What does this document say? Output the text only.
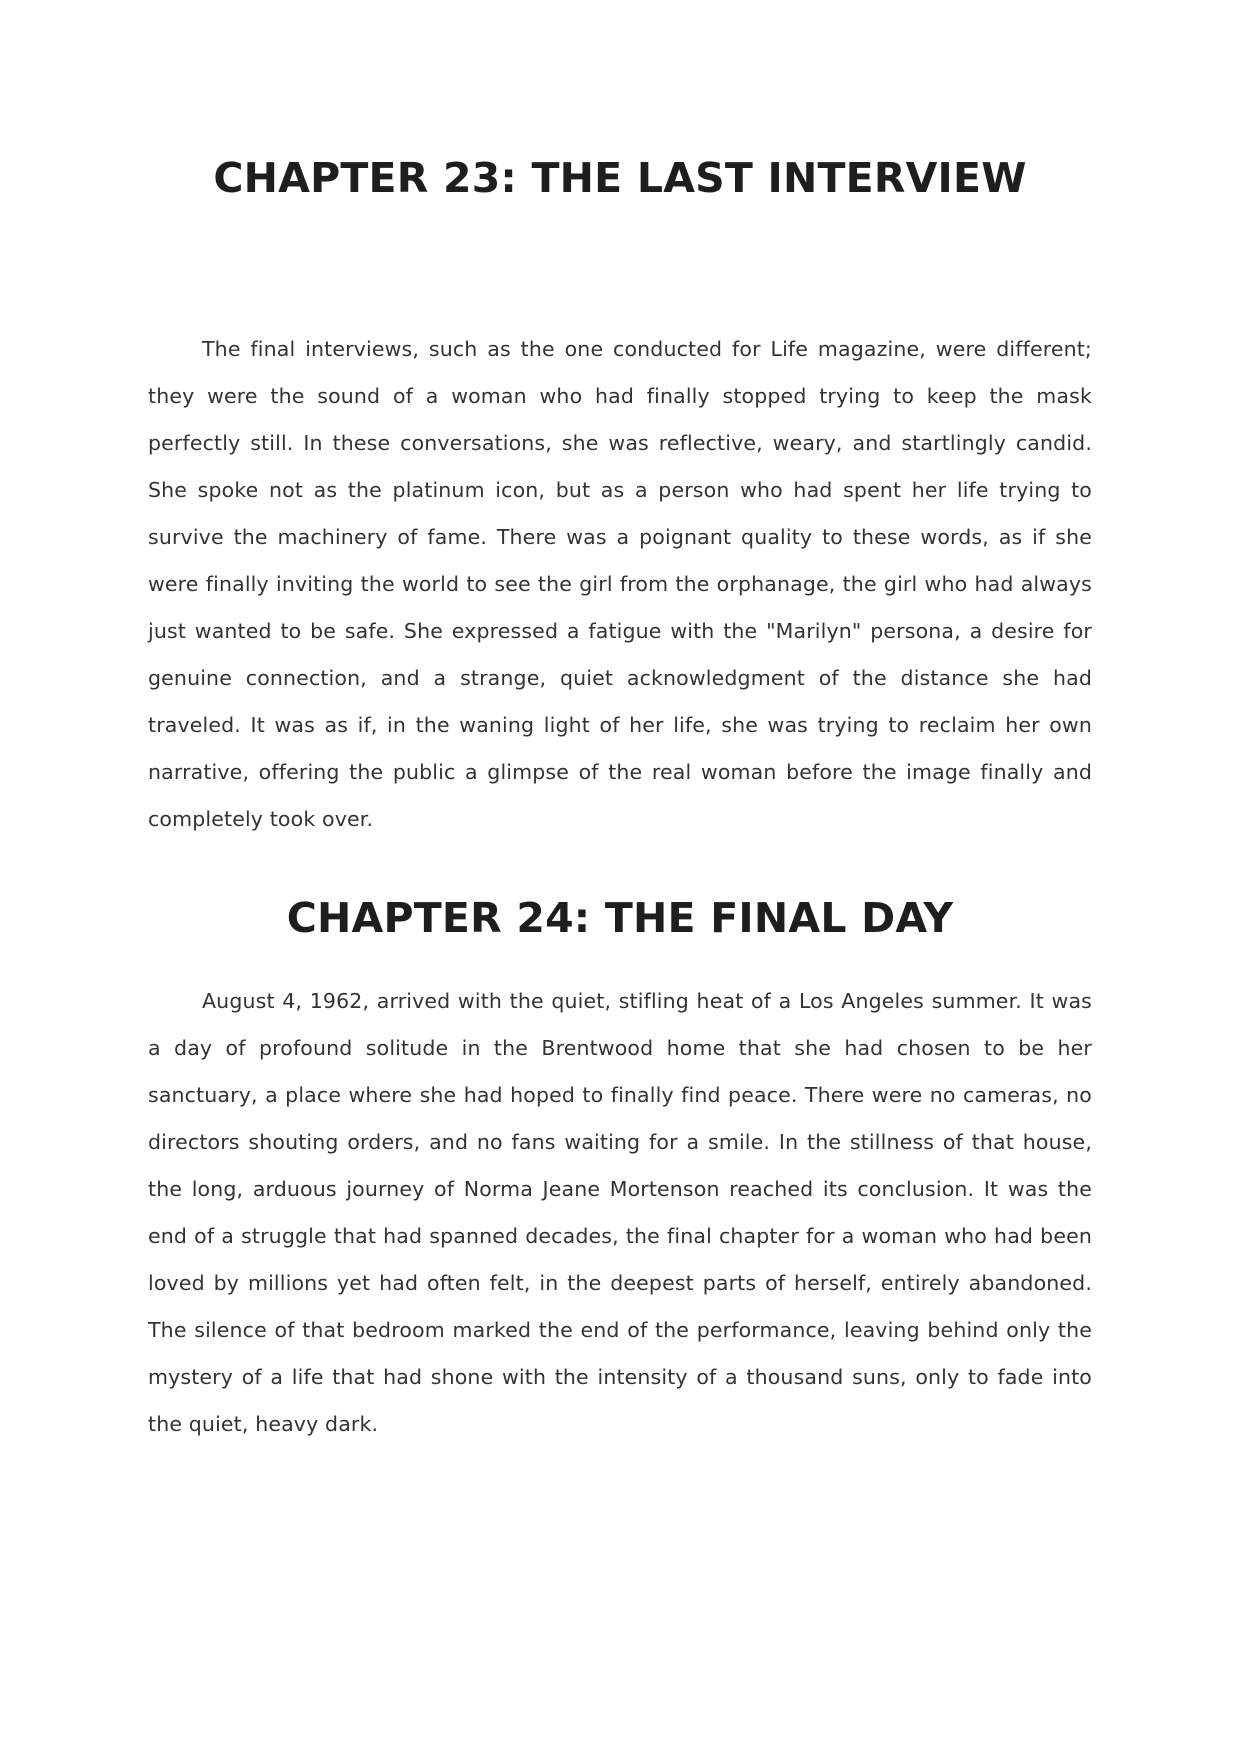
CHAPTER 23: THE LAST INTERVIEW

The final interviews, such as the one conducted for Life magazine, were different; they were the sound of a woman who had finally stopped trying to keep the mask perfectly still. In these conversations, she was reflective, weary, and startlingly candid. She spoke not as the platinum icon, but as a person who had spent her life trying to survive the machinery of fame. There was a poignant quality to these words, as if she were finally inviting the world to see the girl from the orphanage, the girl who had always just wanted to be safe. She expressed a fatigue with the "Marilyn" persona, a desire for genuine connection, and a strange, quiet acknowledgment of the distance she had traveled. It was as if, in the waning light of her life, she was trying to reclaim her own narrative, offering the public a glimpse of the real woman before the image finally and completely took over.

CHAPTER 24: THE FINAL DAY

August 4, 1962, arrived with the quiet, stifling heat of a Los Angeles summer. It was a day of profound solitude in the Brentwood home that she had chosen to be her sanctuary, a place where she had hoped to finally find peace. There were no cameras, no directors shouting orders, and no fans waiting for a smile. In the stillness of that house, the long, arduous journey of Norma Jeane Mortenson reached its conclusion. It was the end of a struggle that had spanned decades, the final chapter for a woman who had been loved by millions yet had often felt, in the deepest parts of herself, entirely abandoned. The silence of that bedroom marked the end of the performance, leaving behind only the mystery of a life that had shone with the intensity of a thousand suns, only to fade into the quiet, heavy dark.
